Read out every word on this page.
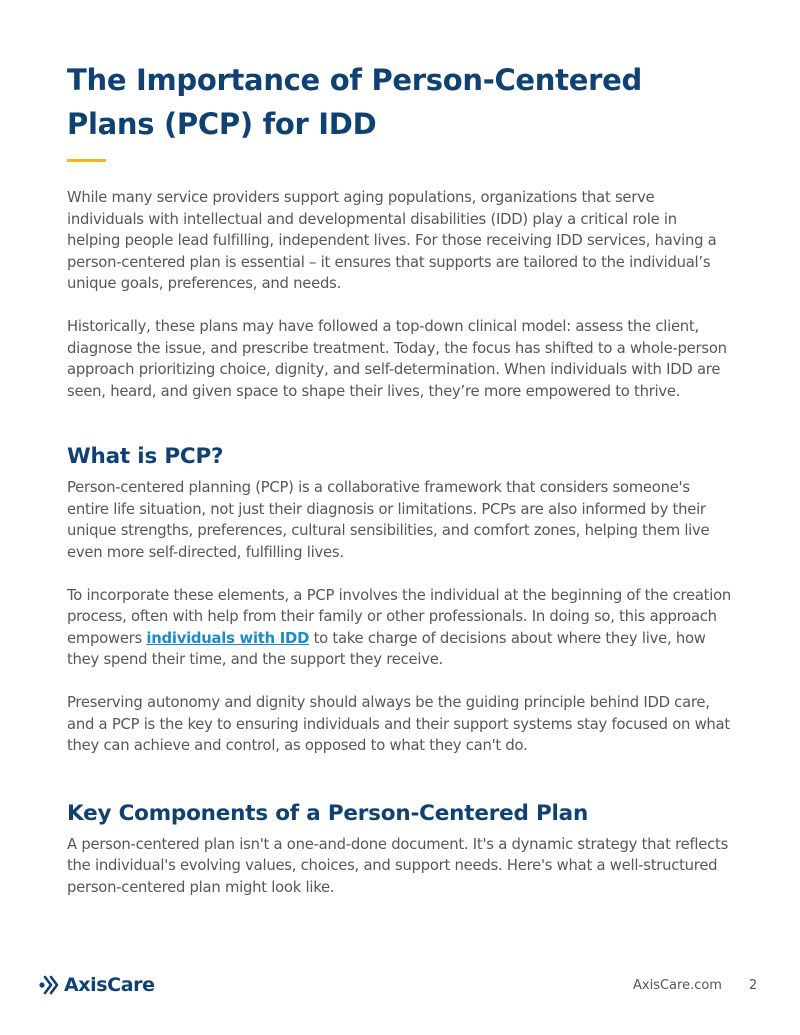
The Importance of Person-Centered Plans (PCP) for IDD

While many service providers support aging populations, organizations that serve individuals with intellectual and developmental disabilities (IDD) play a critical role in helping people lead fulfilling, independent lives. For those receiving IDD services, having a person-centered plan is essential – it ensures that supports are tailored to the individual’s unique goals, preferences, and needs.

Historically, these plans may have followed a top-down clinical model: assess the client, diagnose the issue, and prescribe treatment. Today, the focus has shifted to a whole-person approach prioritizing choice, dignity, and self-determination. When individuals with IDD are seen, heard, and given space to shape their lives, they’re more empowered to thrive.

What is PCP?

Person-centered planning (PCP) is a collaborative framework that considers someone's entire life situation, not just their diagnosis or limitations. PCPs are also informed by their unique strengths, preferences, cultural sensibilities, and comfort zones, helping them live even more self-directed, fulfilling lives.

To incorporate these elements, a PCP involves the individual at the beginning of the creation process, often with help from their family or other professionals. In doing so, this approach empowers individuals with IDD to take charge of decisions about where they live, how they spend their time, and the support they receive.

Preserving autonomy and dignity should always be the guiding principle behind IDD care, and a PCP is the key to ensuring individuals and their support systems stay focused on what they can achieve and control, as opposed to what they can't do.

Key Components of a Person-Centered Plan

A person-centered plan isn't a one-and-done document. It's a dynamic strategy that reflects the individual's evolving values, choices, and support needs. Here's what a well-structured person-centered plan might look like.

AxisCare	AxisCare.com 2
